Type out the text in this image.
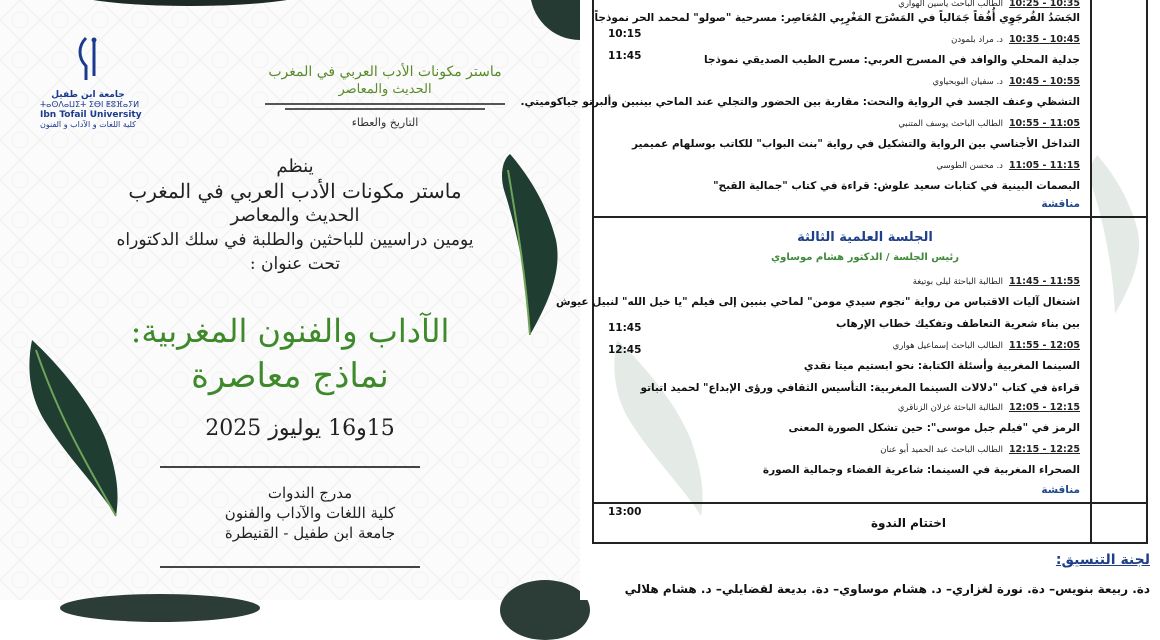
جامعة ابن طفيل
ⵜⴰⵙⴷⴰⵡⵉⵜ ⵉⴱⵏ ⵟⵓⴼⴰⵢⵍ
Ibn Tofail University
كلية اللغات و الآداب و الفنون
ماستر مكونات الأدب العربي في المغرب
الحديث والمعاصر
التاريخ والعطاء
ينظم
ماستر مكونات الأدب العربي في المغرب
الحديث والمعاصر
يومين دراسيين للباحثين والطلبة في سلك الدكتوراه
تحت عنوان :
الآداب والفنون المغربية:
نماذج معاصرة
15و16 يوليوز 2025
مدرج الندوات
كلية اللغات والآداب والفنون
جامعة ابن طفيل - القنيطرة
10:35 - 10:25الطالب الباحث ياسين الهواري
الجَسَدُ الفُرجَوِي أُفُقاً جَمَالياً في المَسْرَح المَغْرِبِي المُعَاصِر: مسرحية "صولو" لمحمد الحر نموذجاً
10:45 - 10:35د. مراد بلمودن
جدلية المحلي والوافد في المسرح العربي: مسرح الطيب الصديقي نموذجا
10:55 - 10:45د. سفيان البوبحياوي
التشظي وعنف الجسد في الرواية والنحت: مقاربة بين الحضور والتجلي عند الماحي بينبين وألبرتو جياكوميتي.
11:05 - 10:55الطالب الباحث يوسف المتنبي
التداخل الأجناسي بين الرواية والتشكيل في رواية "بنت البواب" للكاتب بوسلهام عميمير
11:15 - 11:05د. محسن الطوسي
البصمات البينية في كتابات سعيد علوش: قراءة في كتاب "جمالية القبح"
مناقشة
10:15
11:45
الجلسة العلمية الثالثة
رئيس الجلسة / الدكتور هشام موساوي
11:55 - 11:45الطالبة الباحثة ليلى بوتيغة
اشتغال آليات الاقتباس من رواية "نجوم سيدي مومن" لماحي بنبين إلى فيلم "يا خيل الله" لنبيل عيوش
بين بناء شعرية التعاطف وتفكيك خطاب الإرهاب
12:05 - 11:55الطالب الباحث إسماعيل هواري
السينما المغربية وأسئلة الكتابة: نحو ابستيم ميتا نقدي
قراءة في كتاب "دلالات السينما المغربية: التأسيس الثقافي ورؤى الإبداع" لحميد اتباتو
12:15 - 12:05الطالبة الباحثة غزلان الزناقري
الرمز في "فيلم جبل موسى": حين تشكل الصورة المعنى
12:25 - 12:15الطالب الباحث عبد الحميد أبو عنان
الصحراء المغربية في السينما: شاعرية الفضاء وجمالية الصورة
مناقشة
11:45
12:45
13:00
اختتام الندوة
لجنة التنسيق:
دة. ربيعة بنويس– دة. نورة لغزاري– د. هشام موساوي– دة. بديعة لقضايلي– د. هشام هلالي
